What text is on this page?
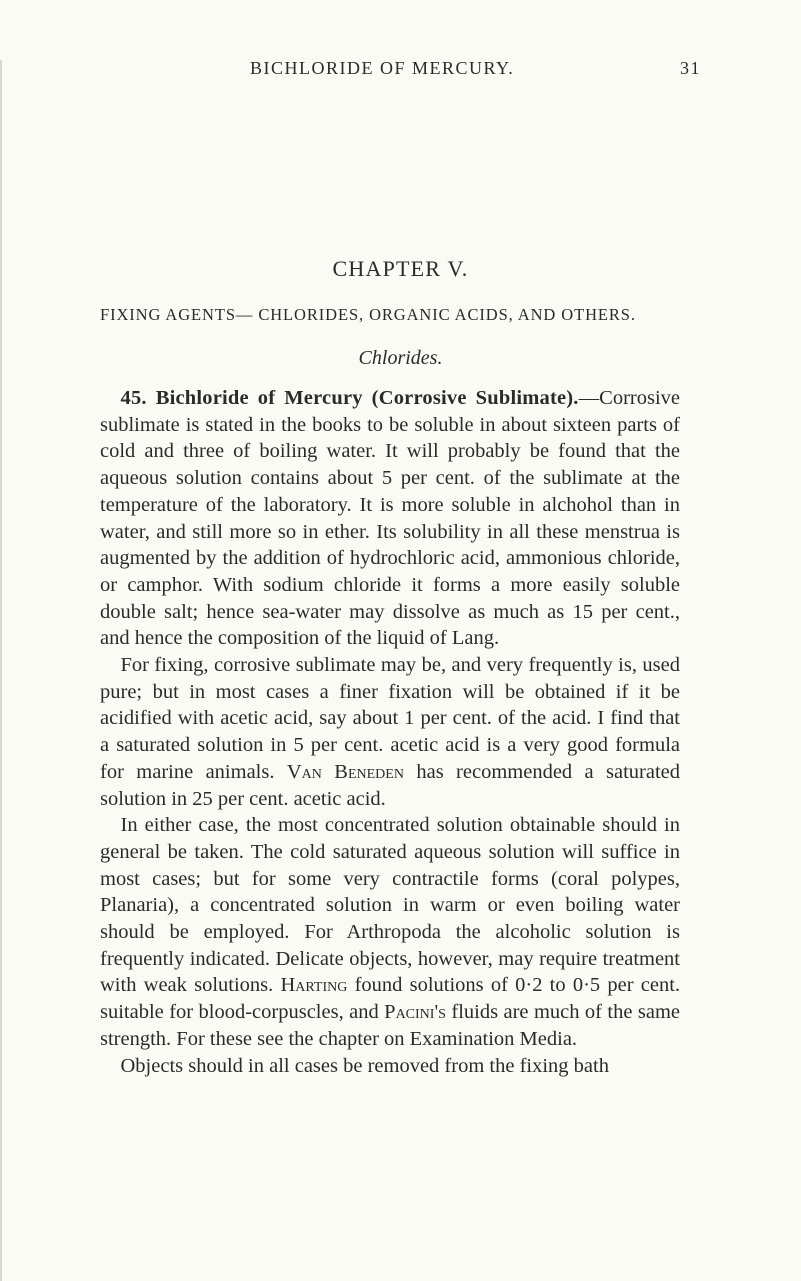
BICHLORIDE OF MERCURY.	31
CHAPTER V.
FIXING AGENTS— CHLORIDES, ORGANIC ACIDS, AND OTHERS.
Chlorides.

45. Bichloride of Mercury (Corrosive Sublimate).—Corrosive sublimate is stated in the books to be soluble in about sixteen parts of cold and three of boiling water. It will probably be found that the aqueous solution contains about 5 per cent. of the sublimate at the temperature of the laboratory. It is more soluble in alchohol than in water, and still more so in ether. Its solubility in all these menstrua is augmented by the addition of hydrochloric acid, ammonious chloride, or camphor. With sodium chloride it forms a more easily soluble double salt; hence sea-water may dissolve as much as 15 per cent., and hence the composition of the liquid of Lang.

For fixing, corrosive sublimate may be, and very frequently is, used pure; but in most cases a finer fixation will be obtained if it be acidified with acetic acid, say about 1 per cent. of the acid. I find that a saturated solution in 5 per cent. acetic acid is a very good formula for marine animals. Van Beneden has recommended a saturated solution in 25 per cent. acetic acid.

In either case, the most concentrated solution obtainable should in general be taken. The cold saturated aqueous solution will suffice in most cases; but for some very contractile forms (coral polypes, Planaria), a concentrated solution in warm or even boiling water should be employed. For Arthropoda the alcoholic solution is frequently indicated. Delicate objects, however, may require treatment with weak solutions. Harting found solutions of 0·2 to 0·5 per cent. suitable for blood-corpuscles, and Pacini's fluids are much of the same strength. For these see the chapter on Examination Media.

Objects should in all cases be removed from the fixing bath
